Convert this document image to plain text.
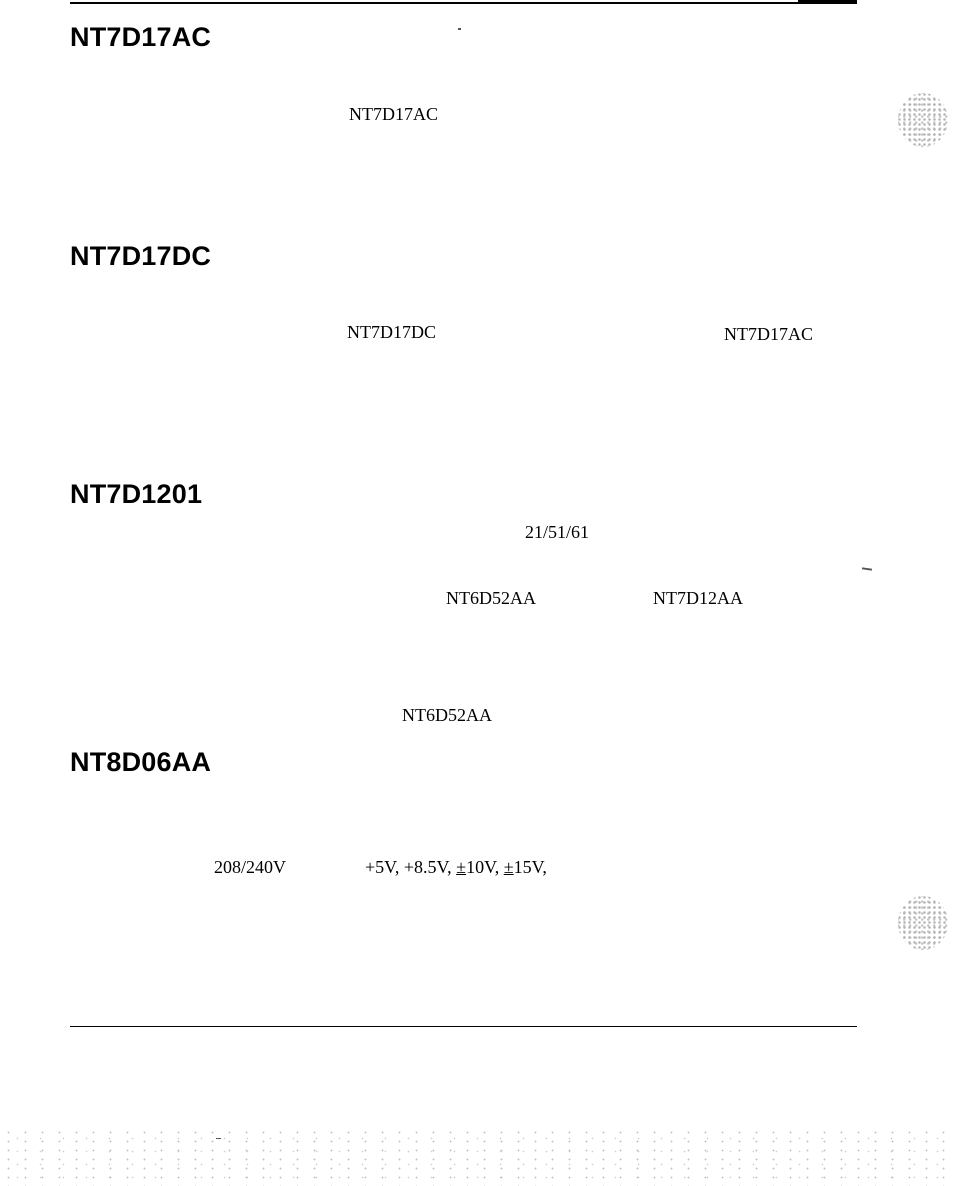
NT7D17AC
NT7D17AC
NT7D17DC
NT7D17DC	NT7D17AC
NT7D1201
21/51/61
NT6D52AA	NT7D12AA
NT6D52AA
NT8D06AA
208/240V	+5V, +8.5V, ±10V, ±15V,
